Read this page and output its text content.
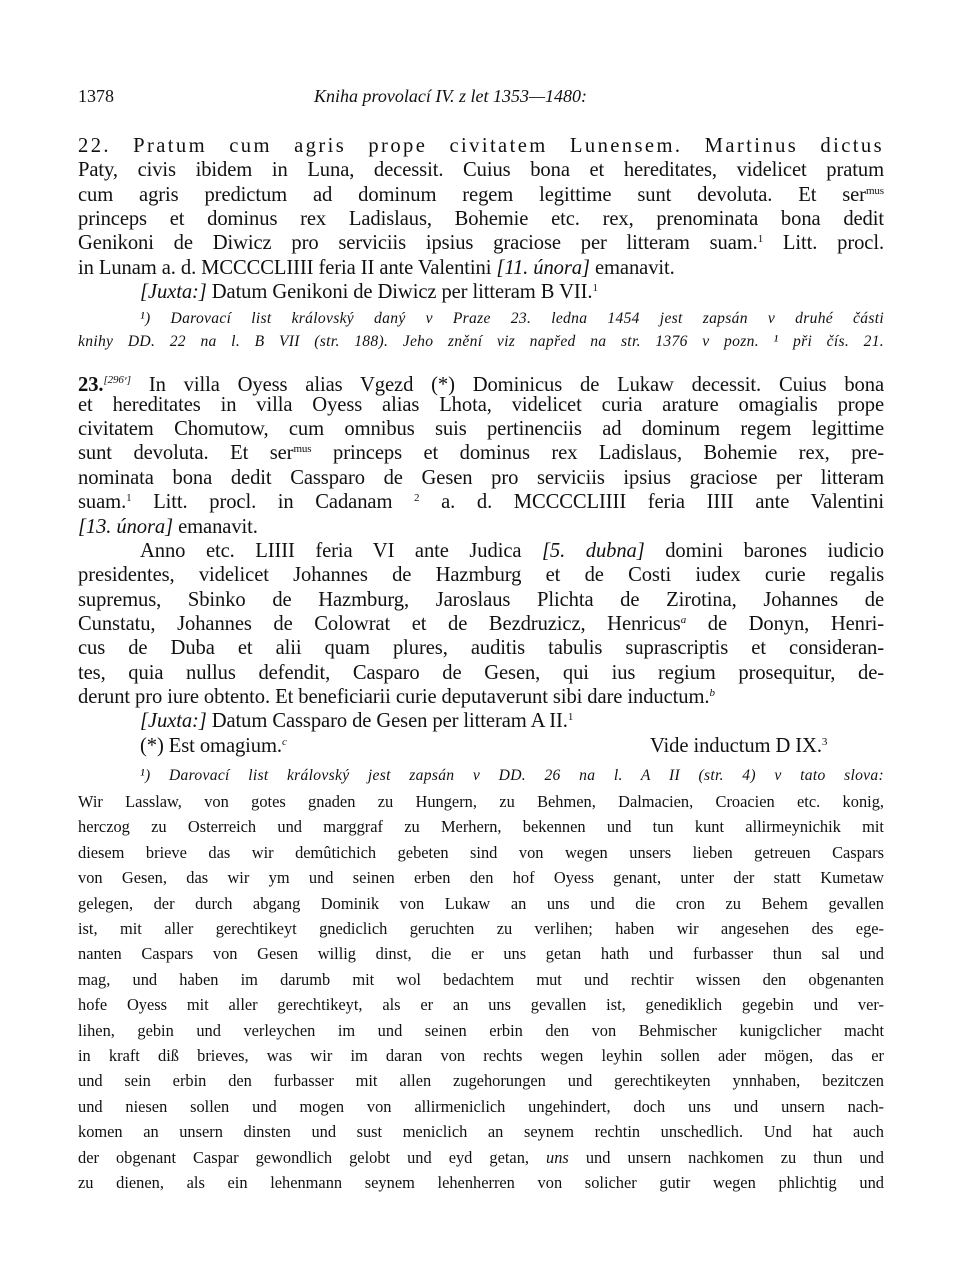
1378	Kniha provolací IV. z let 1353—1480:
22. Pratum cum agris prope civitatem Lunensem. Martinus dictus
Paty, civis ibidem in Luna, decessit. Cuius bona et hereditates, videlicet pratum
cum agris predictum ad dominum regem legittime sunt devoluta. Et ser$^{mus}$
princeps et dominus rex Ladislaus, Bohemie etc. rex, prenominata bona dedit
Genikoni de Diwicz pro serviciis ipsius graciose per litteram suam.$^1$ Litt. procl.
in Lunam a. d. MCCCCLIIII feria II ante Valentini [11. února] emanavit.
[Juxta:] Datum Genikoni de Diwicz per litteram B VII.$^1$
¹) Darovací list královský daný v Praze 23. ledna 1454 jest zapsán v druhé části
knihy DD. 22 na l. B VII (str. 188). Jeho znění viz napřed na str. 1376 v pozn. ¹ při čís. 21.
23.[296ᵛ] In villa Oyess alias Vgezd (*) Dominicus de Lukaw decessit. Cuius bona
et hereditates in villa Oyess alias Lhota, videlicet curia arature omagialis prope
civitatem Chomutow, cum omnibus suis pertinenciis ad dominum regem legittime
sunt devoluta. Et ser$^{mus}$ princeps et dominus rex Ladislaus, Bohemie rex, pre-
nominata bona dedit Cassparo de Gesen pro serviciis ipsius graciose per litteram
suam.$^1$ Litt. procl. in Cadanam $^2$ a. d. MCCCCLIIII feria IIII ante Valentini
[13. února] emanavit.
Anno etc. LIIII feria VI ante Judica [5. dubna] domini barones iudicio
presidentes, videlicet Johannes de Hazmburg et de Costi iudex curie regalis
supremus, Sbinko de Hazmburg, Jaroslaus Plichta de Zirotina, Johannes de
Cunstatu, Johannes de Colowrat et de Bezdruzicz, Henricus$^a$ de Donyn, Henri-
cus de Duba et alii quam plures, auditis tabulis suprascriptis et consideran-
tes, quia nullus defendit, Casparo de Gesen, qui ius regium prosequitur, de-
derunt pro iure obtento. Et beneficiarii curie deputaverunt sibi dare inductum.$^b$
[Juxta:] Datum Cassparo de Gesen per litteram A II.$^1$
(*) Est omagium.$^c$	Vide inductum D IX.$^3$
¹) Darovací list královský jest zapsán v DD. 26 na l. A II (str. 4) v tato slova:
Wir Lasslaw, von gotes gnaden zu Hungern, zu Behmen, Dalmacien, Croacien etc. konig,
herczog zu Osterreich und marggraf zu Merhern, bekennen und tun kunt allirmeynichik mit
diesem brieve das wir demûtichich gebeten sind von wegen unsers lieben getreuen Caspars
von Gesen, das wir ym und seinen erben den hof Oyess genant, unter der statt Kumetaw
gelegen, der durch abgang Dominik von Lukaw an uns und die cron zu Behem gevallen
ist, mit aller gerechtikeyt gnediclich geruchten zu verlihen; haben wir angesehen des ege-
nanten Caspars von Gesen willig dinst, die er uns getan hath und furbasser thun sal und
mag, und haben im darumb mit wol bedachtem mut und rechtir wissen den obgenanten
hofe Oyess mit aller gerechtikeyt, als er an uns gevallen ist, genediklich gegebin und ver-
lihen, gebin und verleychen im und seinen erbin den von Behmischer kunigclicher macht
in kraft diß brieves, was wir im daran von rechts wegen leyhin sollen ader mögen, das er
und sein erbin den furbasser mit allen zugehorungen und gerechtikeyten ynnhaben, bezitczen
und niesen sollen und mogen von allirmeniclich ungehindert, doch uns und unsern nach-
komen an unsern dinsten und sust meniclich an seynem rechtin unschedlich. Und hat auch
der obgenant Caspar gewondlich gelobt und eyd getan, uns und unsern nachkomen zu thun und
zu dienen, als ein lehenmann seynem lehenherren von solicher gutir wegen phlichtig und
